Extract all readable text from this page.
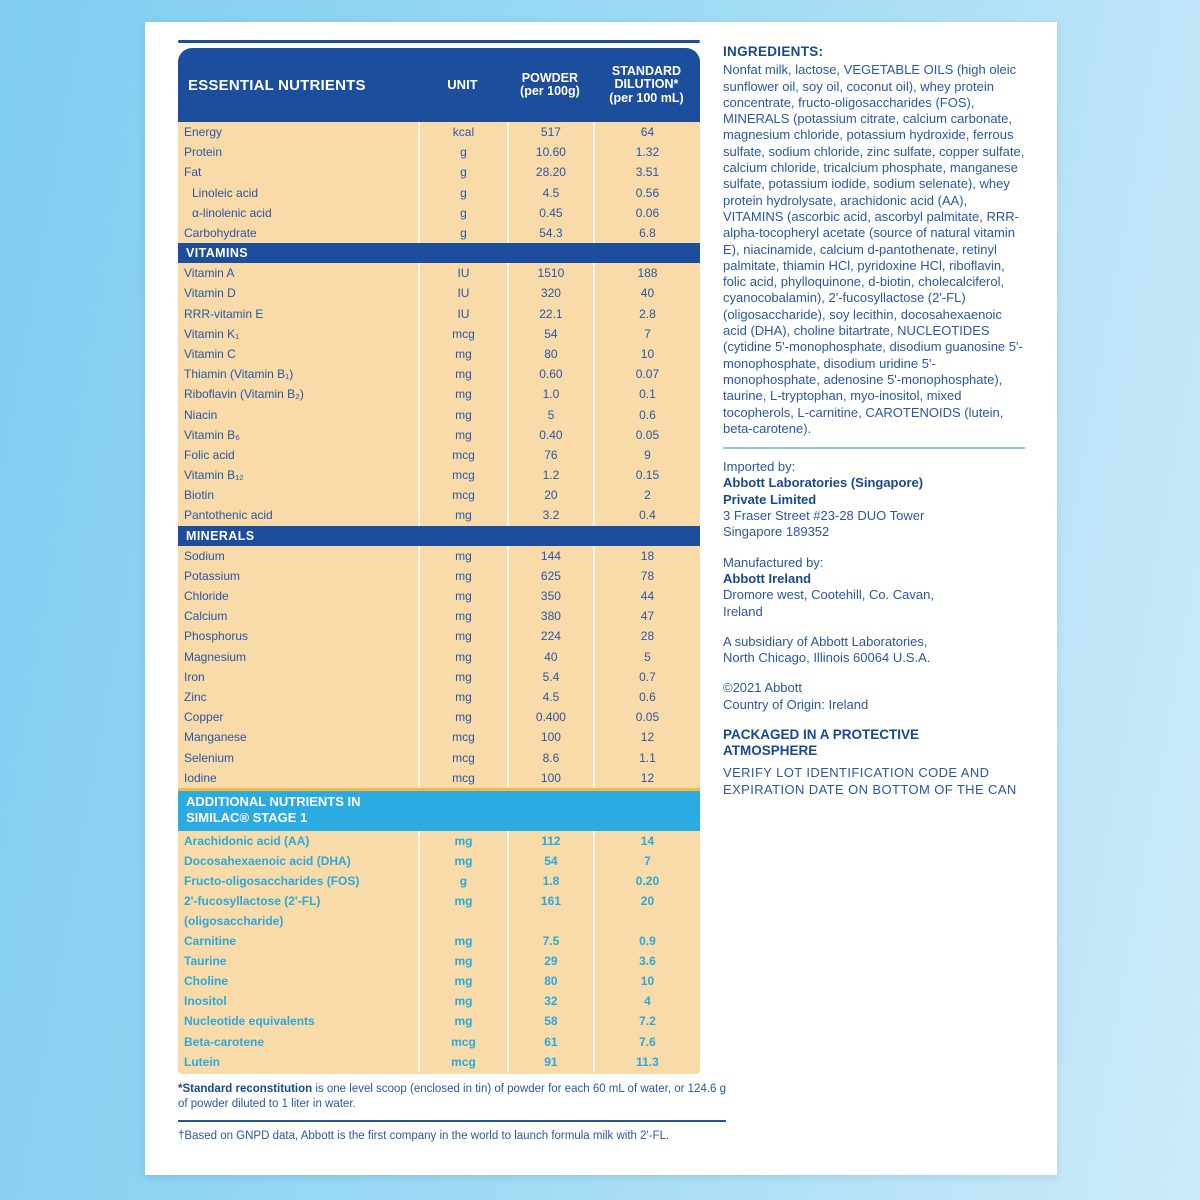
ESSENTIAL NUTRIENTS	UNIT	POWDER
(per 100g)
STANDARD
DILUTION*
(per 100 mL)
Energy	kcal	517	64
Protein	g	10.60	1.32
Fat	g	28.20	3.51
Linoleic acid	g	4.5	0.56
α-linolenic acid	g	0.45	0.06
Carbohydrate	g	54.3	6.8
VITAMINS
Vitamin A	IU	1510	188
Vitamin D	IU	320	40
RRR-vitamin E	IU	22.1	2.8
Vitamin K₁	mcg	54	7
Vitamin C	mg	80	10
Thiamin (Vitamin B₁)	mg	0.60	0.07
Riboflavin (Vitamin B₂)	mg	1.0	0.1
Niacin	mg	5	0.6
Vitamin B₆	mg	0.40	0.05
Folic acid	mcg	76	9
Vitamin B₁₂	mcg	1.2	0.15
Biotin	mcg	20	2
Pantothenic acid	mg	3.2	0.4
MINERALS
Sodium	mg	144	18
Potassium	mg	625	78
Chloride	mg	350	44
Calcium	mg	380	47
Phosphorus	mg	224	28
Magnesium	mg	40	5
Iron	mg	5.4	0.7
Zinc	mg	4.5	0.6
Copper	mg	0.400	0.05
Manganese	mcg	100	12
Selenium	mcg	8.6	1.1
Iodine	mcg	100	12
ADDITIONAL NUTRIENTS IN
SIMILAC® STAGE 1
Arachidonic acid (AA)	mg	112	14
Docosahexaenoic acid (DHA)	mg	54	7
Fructo-oligosaccharides (FOS)	g	1.8	0.20
2'-fucosyllactose (2'-FL)	mg	161	20
(oligosaccharide)
Carnitine	mg	7.5	0.9
Taurine	mg	29	3.6
Choline	mg	80	10
Inositol	mg	32	4
Nucleotide equivalents	mg	58	7.2
Beta-carotene	mcg	61	7.6
Lutein	mcg	91	11.3
*Standard reconstitution is one level scoop (enclosed in tin) of powder for each 60 mL of water, or 124.6 g of powder diluted to 1 liter in water.
†Based on GNPD data, Abbott is the first company in the world to launch formula milk with 2'-FL.
INGREDIENTS:
Nonfat milk, lactose, VEGETABLE OILS (high oleic sunflower oil, soy oil, coconut oil), whey protein concentrate, fructo-oligosaccharides (FOS), MINERALS (potassium citrate, calcium carbonate, magnesium chloride, potassium hydroxide, ferrous sulfate, sodium chloride, zinc sulfate, copper sulfate, calcium chloride, tricalcium phosphate, manganese sulfate, potassium iodide, sodium selenate), whey protein hydrolysate, arachidonic acid (AA), VITAMINS (ascorbic acid, ascorbyl palmitate, RRR-alpha-tocopheryl acetate (source of natural vitamin E), niacinamide, calcium d-pantothenate, retinyl palmitate, thiamin HCl, pyridoxine HCl, riboflavin, folic acid, phylloquinone, d-biotin, cholecalciferol, cyanocobalamin), 2'-fucosyllactose (2'-FL) (oligosaccharide), soy lecithin, docosahexaenoic acid (DHA), choline bitartrate, NUCLEOTIDES (cytidine 5'-monophosphate, disodium guanosine 5'-monophosphate, disodium uridine 5'-monophosphate, adenosine 5'-monophosphate), taurine, L-tryptophan, myo-inositol, mixed tocopherols, L-carnitine, CAROTENOIDS (lutein, beta-carotene).
Imported by:
Abbott Laboratories (Singapore)
Private Limited
3 Fraser Street #23-28 DUO Tower
Singapore 189352
Manufactured by:
Abbott Ireland
Dromore west, Cootehill, Co. Cavan,
Ireland
A subsidiary of Abbott Laboratories,
North Chicago, Illinois 60064 U.S.A.
©2021 Abbott
Country of Origin: Ireland
PACKAGED IN A PROTECTIVE
ATMOSPHERE
VERIFY LOT IDENTIFICATION CODE AND EXPIRATION DATE ON BOTTOM OF THE CAN
